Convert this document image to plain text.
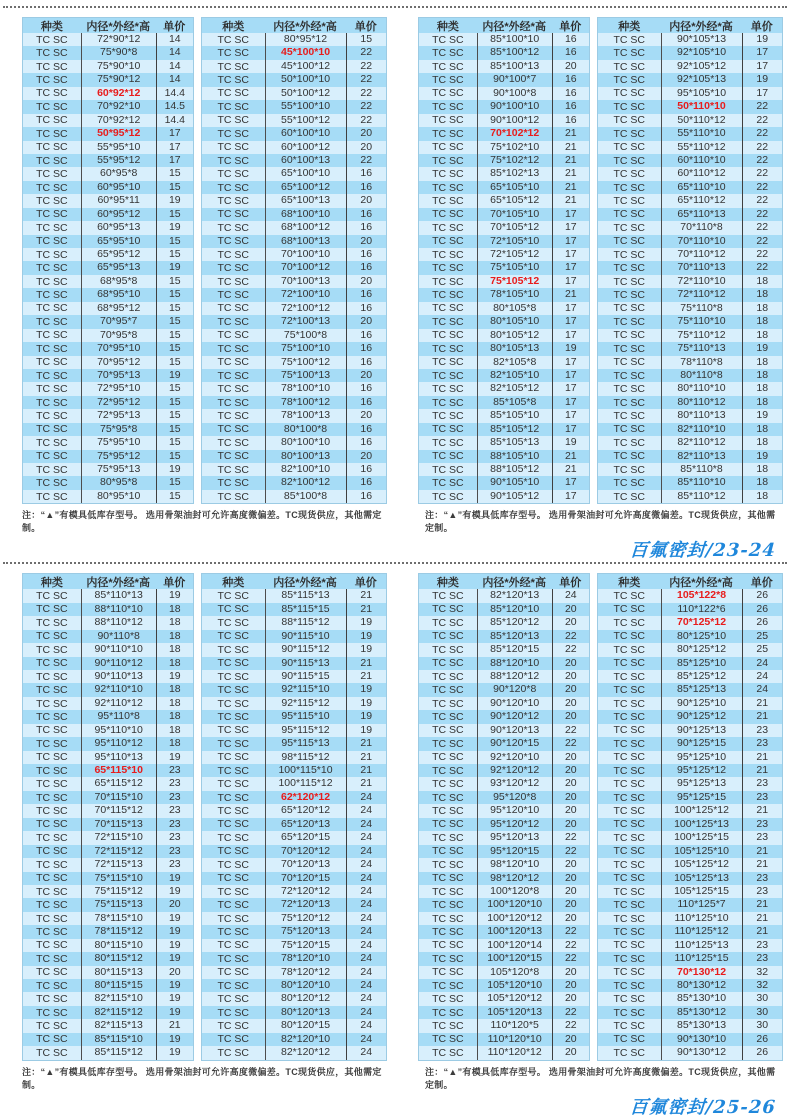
种类	内径*外经*高	单价
TC SC	72*90*12	14
TC SC	75*90*8	14
TC SC	75*90*10	14
TC SC	75*90*12	14
TC SC	60*92*12	14.4
TC SC	70*92*10	14.5
TC SC	70*92*12	14.4
TC SC	50*95*12	17
TC SC	55*95*10	17
TC SC	55*95*12	17
TC SC	60*95*8	15
TC SC	60*95*10	15
TC SC	60*95*11	19
TC SC	60*95*12	15
TC SC	60*95*13	19
TC SC	65*95*10	15
TC SC	65*95*12	15
TC SC	65*95*13	19
TC SC	68*95*8	15
TC SC	68*95*10	15
TC SC	68*95*12	15
TC SC	70*95*7	15
TC SC	70*95*8	15
TC SC	70*95*10	15
TC SC	70*95*12	15
TC SC	70*95*13	19
TC SC	72*95*10	15
TC SC	72*95*12	15
TC SC	72*95*13	15
TC SC	75*95*8	15
TC SC	75*95*10	15
TC SC	75*95*12	15
TC SC	75*95*13	19
TC SC	80*95*8	15
TC SC	80*95*10	15
种类	内径*外经*高	单价
TC SC	80*95*12	15
TC SC	45*100*10	22
TC SC	45*100*12	22
TC SC	50*100*10	22
TC SC	50*100*12	22
TC SC	55*100*10	22
TC SC	55*100*12	22
TC SC	60*100*10	20
TC SC	60*100*12	20
TC SC	60*100*13	22
TC SC	65*100*10	16
TC SC	65*100*12	16
TC SC	65*100*13	20
TC SC	68*100*10	16
TC SC	68*100*12	16
TC SC	68*100*13	20
TC SC	70*100*10	16
TC SC	70*100*12	16
TC SC	70*100*13	20
TC SC	72*100*10	16
TC SC	72*100*12	16
TC SC	72*100*13	20
TC SC	75*100*8	16
TC SC	75*100*10	16
TC SC	75*100*12	16
TC SC	75*100*13	20
TC SC	78*100*10	16
TC SC	78*100*12	16
TC SC	78*100*13	20
TC SC	80*100*8	16
TC SC	80*100*10	16
TC SC	80*100*13	20
TC SC	82*100*10	16
TC SC	82*100*12	16
TC SC	85*100*8	16
种类	内径*外经*高	单价
TC SC	85*100*10	16
TC SC	85*100*12	16
TC SC	85*100*13	20
TC SC	90*100*7	16
TC SC	90*100*8	16
TC SC	90*100*10	16
TC SC	90*100*12	16
TC SC	70*102*12	21
TC SC	75*102*10	21
TC SC	75*102*12	21
TC SC	85*102*13	21
TC SC	65*105*10	21
TC SC	65*105*12	21
TC SC	70*105*10	17
TC SC	70*105*12	17
TC SC	72*105*10	17
TC SC	72*105*12	17
TC SC	75*105*10	17
TC SC	75*105*12	17
TC SC	78*105*10	21
TC SC	80*105*8	17
TC SC	80*105*10	17
TC SC	80*105*12	17
TC SC	80*105*13	19
TC SC	82*105*8	17
TC SC	82*105*10	17
TC SC	82*105*12	17
TC SC	85*105*8	17
TC SC	85*105*10	17
TC SC	85*105*12	17
TC SC	85*105*13	19
TC SC	88*105*10	21
TC SC	88*105*12	21
TC SC	90*105*10	17
TC SC	90*105*12	17
种类	内径*外经*高	单价
TC SC	90*105*13	19
TC SC	92*105*10	17
TC SC	92*105*12	17
TC SC	92*105*13	19
TC SC	95*105*10	17
TC SC	50*110*10	22
TC SC	50*110*12	22
TC SC	55*110*10	22
TC SC	55*110*12	22
TC SC	60*110*10	22
TC SC	60*110*12	22
TC SC	65*110*10	22
TC SC	65*110*12	22
TC SC	65*110*13	22
TC SC	70*110*8	22
TC SC	70*110*10	22
TC SC	70*110*12	22
TC SC	70*110*13	22
TC SC	72*110*10	18
TC SC	72*110*12	18
TC SC	75*110*8	18
TC SC	75*110*10	18
TC SC	75*110*12	18
TC SC	75*110*13	19
TC SC	78*110*8	18
TC SC	80*110*8	18
TC SC	80*110*10	18
TC SC	80*110*12	18
TC SC	80*110*13	19
TC SC	82*110*10	18
TC SC	82*110*12	18
TC SC	82*110*13	19
TC SC	85*110*8	18
TC SC	85*110*10	18
TC SC	85*110*12	18
注：“▲”有模具低库存型号。 选用骨架油封可允许高度微偏差。TC现货供应，其他需定制。
注：“▲”有模具低库存型号。 选用骨架油封可允许高度微偏差。TC现货供应，其他需定制。
百氟密封/23-24
种类	内径*外经*高	单价
TC SC	85*110*13	19
TC SC	88*110*10	18
TC SC	88*110*12	18
TC SC	90*110*8	18
TC SC	90*110*10	18
TC SC	90*110*12	18
TC SC	90*110*13	19
TC SC	92*110*10	18
TC SC	92*110*12	18
TC SC	95*110*8	18
TC SC	95*110*10	18
TC SC	95*110*12	18
TC SC	95*110*13	19
TC SC	65*115*10	23
TC SC	65*115*12	23
TC SC	70*115*10	23
TC SC	70*115*12	23
TC SC	70*115*13	23
TC SC	72*115*10	23
TC SC	72*115*12	23
TC SC	72*115*13	23
TC SC	75*115*10	19
TC SC	75*115*12	19
TC SC	75*115*13	20
TC SC	78*115*10	19
TC SC	78*115*12	19
TC SC	80*115*10	19
TC SC	80*115*12	19
TC SC	80*115*13	20
TC SC	80*115*15	19
TC SC	82*115*10	19
TC SC	82*115*12	19
TC SC	82*115*13	21
TC SC	85*115*10	19
TC SC	85*115*12	19
种类	内径*外经*高	单价
TC SC	85*115*13	21
TC SC	85*115*15	21
TC SC	88*115*12	19
TC SC	90*115*10	19
TC SC	90*115*12	19
TC SC	90*115*13	21
TC SC	90*115*15	21
TC SC	92*115*10	19
TC SC	92*115*12	19
TC SC	95*115*10	19
TC SC	95*115*12	19
TC SC	95*115*13	21
TC SC	98*115*12	21
TC SC	100*115*10	21
TC SC	100*115*12	21
TC SC	62*120*12	24
TC SC	65*120*12	24
TC SC	65*120*13	24
TC SC	65*120*15	24
TC SC	70*120*12	24
TC SC	70*120*13	24
TC SC	70*120*15	24
TC SC	72*120*12	24
TC SC	72*120*13	24
TC SC	75*120*12	24
TC SC	75*120*13	24
TC SC	75*120*15	24
TC SC	78*120*10	24
TC SC	78*120*12	24
TC SC	80*120*10	24
TC SC	80*120*12	24
TC SC	80*120*13	24
TC SC	80*120*15	24
TC SC	82*120*10	24
TC SC	82*120*12	24
种类	内径*外经*高	单价
TC SC	82*120*13	24
TC SC	85*120*10	20
TC SC	85*120*12	20
TC SC	85*120*13	22
TC SC	85*120*15	22
TC SC	88*120*10	20
TC SC	88*120*12	20
TC SC	90*120*8	20
TC SC	90*120*10	20
TC SC	90*120*12	20
TC SC	90*120*13	22
TC SC	90*120*15	22
TC SC	92*120*10	20
TC SC	92*120*12	20
TC SC	93*120*12	20
TC SC	95*120*8	20
TC SC	95*120*10	20
TC SC	95*120*12	20
TC SC	95*120*13	22
TC SC	95*120*15	22
TC SC	98*120*10	20
TC SC	98*120*12	20
TC SC	100*120*8	20
TC SC	100*120*10	20
TC SC	100*120*12	20
TC SC	100*120*13	22
TC SC	100*120*14	22
TC SC	100*120*15	22
TC SC	105*120*8	20
TC SC	105*120*10	20
TC SC	105*120*12	20
TC SC	105*120*13	22
TC SC	110*120*5	22
TC SC	110*120*10	20
TC SC	110*120*12	20
种类	内径*外经*高	单价
TC SC	105*122*8	26
TC SC	110*122*6	26
TC SC	70*125*12	26
TC SC	80*125*10	25
TC SC	80*125*12	25
TC SC	85*125*10	24
TC SC	85*125*12	24
TC SC	85*125*13	24
TC SC	90*125*10	21
TC SC	90*125*12	21
TC SC	90*125*13	23
TC SC	90*125*15	23
TC SC	95*125*10	21
TC SC	95*125*12	21
TC SC	95*125*13	23
TC SC	95*125*15	23
TC SC	100*125*12	21
TC SC	100*125*13	23
TC SC	100*125*15	23
TC SC	105*125*10	21
TC SC	105*125*12	21
TC SC	105*125*13	23
TC SC	105*125*15	23
TC SC	110*125*7	21
TC SC	110*125*10	21
TC SC	110*125*12	21
TC SC	110*125*13	23
TC SC	110*125*15	23
TC SC	70*130*12	32
TC SC	80*130*12	32
TC SC	85*130*10	30
TC SC	85*130*12	30
TC SC	85*130*13	30
TC SC	90*130*10	26
TC SC	90*130*12	26
注：“▲”有模具低库存型号。 选用骨架油封可允许高度微偏差。TC现货供应，其他需定制。
注：“▲”有模具低库存型号。 选用骨架油封可允许高度微偏差。TC现货供应，其他需定制。
百氟密封/25-26
